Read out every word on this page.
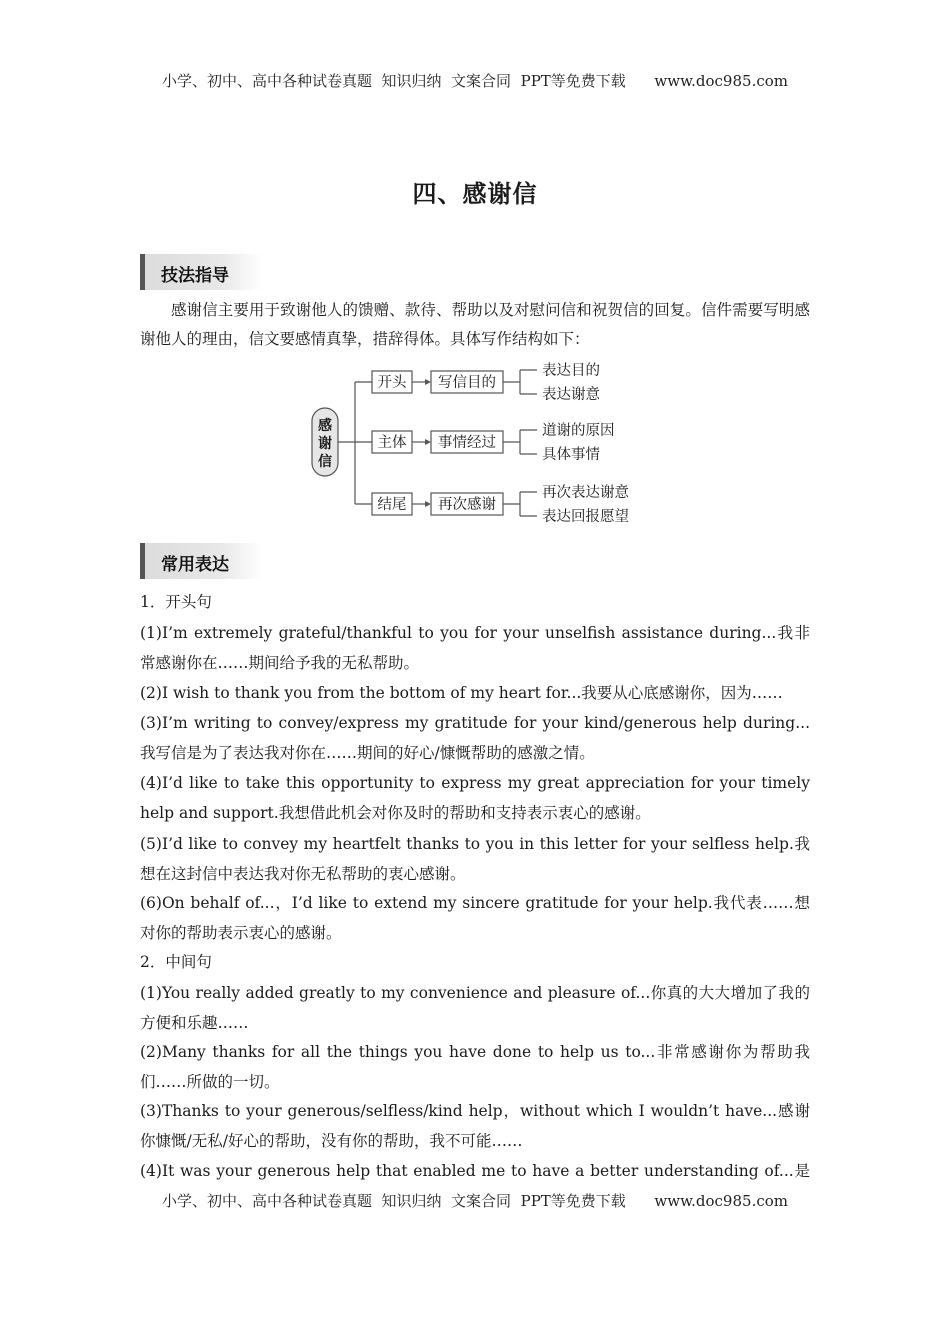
小学、初中、高中各种试卷真题  知识归纳  文案合同  PPT等免费下载      www.doc985.com
四、感谢信
技法指导

感谢信主要用于致谢他人的馈赠、款待、帮助以及对慰问信和祝贺信的回复。信件需要写明感谢他人的理由，信文要感情真挚，措辞得体。具体写作结构如下：

感
谢
信
开头
主体
结尾
写信目的
事情经过
再次感谢
表达目的
表达谢意
道谢的原因
具体事情
再次表达谢意
表达回报愿望
常用表达
1．开头句

(1)I’m extremely grateful/thankful to you for your unselfish assistance during...我非常感谢你在……期间给予我的无私帮助。

(2)I wish to thank you from the bottom of my heart for...我要从心底感谢你，因为……

(3)I’m writing to convey/express my gratitude for your kind/generous help during...我写信是为了表达我对你在……期间的好心/慷慨帮助的感激之情。

(4)I’d like to take this opportunity to express my great appreciation for your timely help and support.我想借此机会对你及时的帮助和支持表示衷心的感谢。

(5)I’d like to convey my heartfelt thanks to you in this letter for your selfless help.我想在这封信中表达我对你无私帮助的衷心感谢。

(6)On behalf of...，I’d like to extend my sincere gratitude for your help.我代表……想对你的帮助表示衷心的感谢。

2．中间句

(1)You really added greatly to my convenience and pleasure of...你真的大大增加了我的方便和乐趣……

(2)Many thanks for all the things you have done to help us to...非常感谢你为帮助我们……所做的一切。

(3)Thanks to your generous/selfless/kind help，without which I wouldn’t have...感谢你慷慨/无私/好心的帮助，没有你的帮助，我不可能……

(4)It was your generous help that enabled me to have a better understanding of...是

小学、初中、高中各种试卷真题  知识归纳  文案合同  PPT等免费下载      www.doc985.com
